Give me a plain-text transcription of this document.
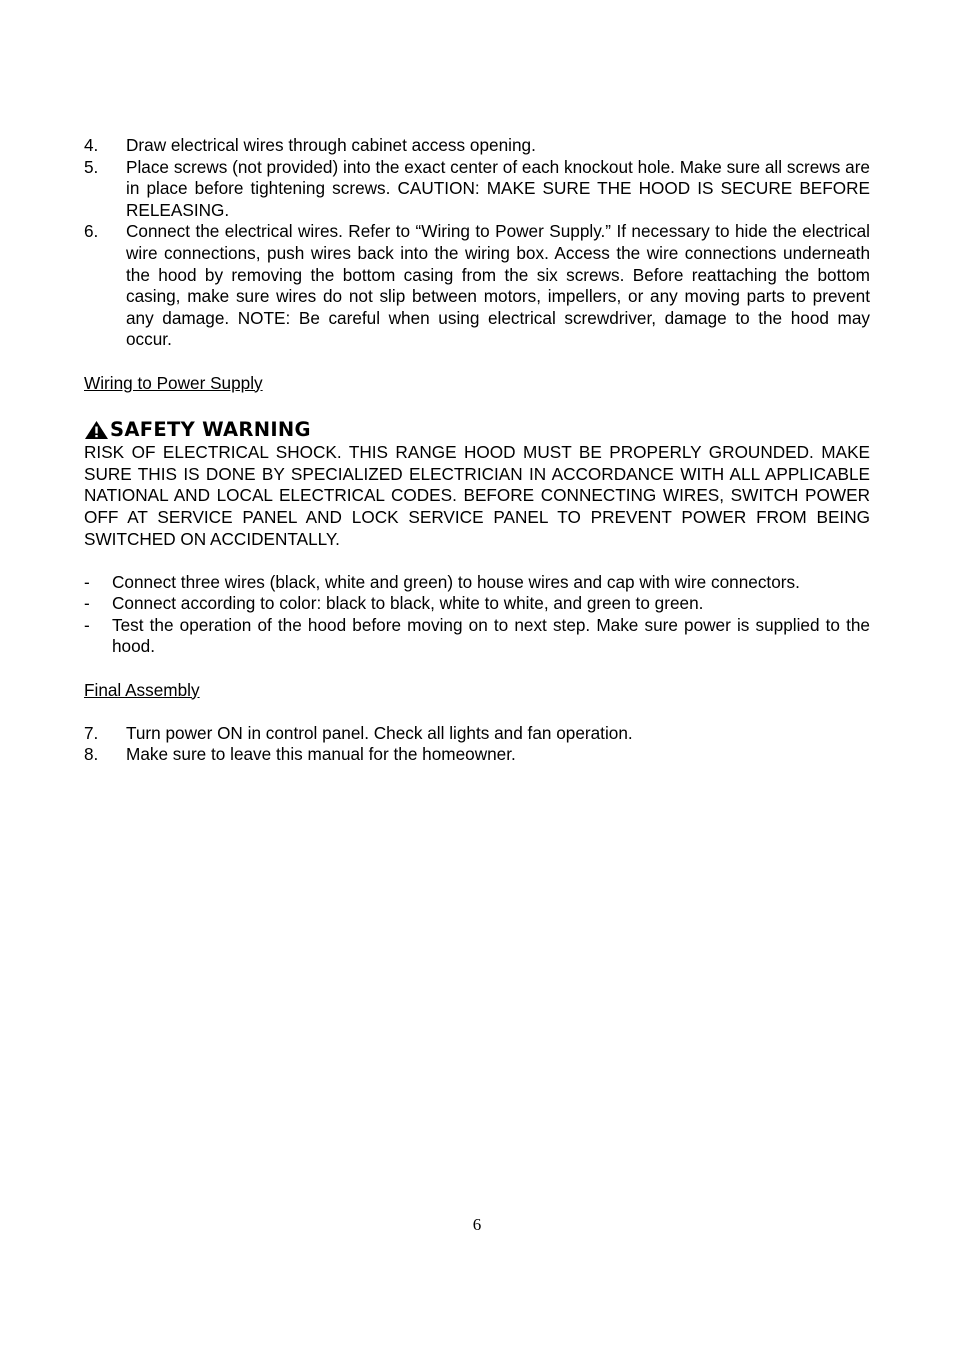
4.	Draw electrical wires through cabinet access opening.
5.	Place screws (not provided) into the exact center of each knockout hole. Make sure all screws are in place before tightening screws. CAUTION: MAKE SURE THE HOOD IS SECURE BEFORE RELEASING.
6.	Connect the electrical wires. Refer to “Wiring to Power Supply.” If necessary to hide the electrical wire connections, push wires back into the wiring box. Access the wire connections underneath the hood by removing the bottom casing from the six screws. Before reattaching the bottom casing, make sure wires do not slip between motors, impellers, or any moving parts to prevent any damage. NOTE: Be careful when using electrical screwdriver, damage to the hood may occur.
Wiring to Power Supply
SAFETY WARNING
RISK OF ELECTRICAL SHOCK. THIS RANGE HOOD MUST BE PROPERLY GROUNDED. MAKE SURE THIS IS DONE BY SPECIALIZED ELECTRICIAN IN ACCORDANCE WITH ALL APPLICABLE NATIONAL AND LOCAL ELECTRICAL CODES. BEFORE CONNECTING WIRES, SWITCH POWER OFF AT SERVICE PANEL AND LOCK SERVICE PANEL TO PREVENT POWER FROM BEING SWITCHED ON ACCIDENTALLY.
-	Connect three wires (black, white and green) to house wires and cap with wire connectors.
-	Connect according to color: black to black, white to white, and green to green.
-	Test the operation of the hood before moving on to next step. Make sure power is supplied to the hood.
Final Assembly
7.	Turn power ON in control panel. Check all lights and fan operation.
8.	Make sure to leave this manual for the homeowner.
6
